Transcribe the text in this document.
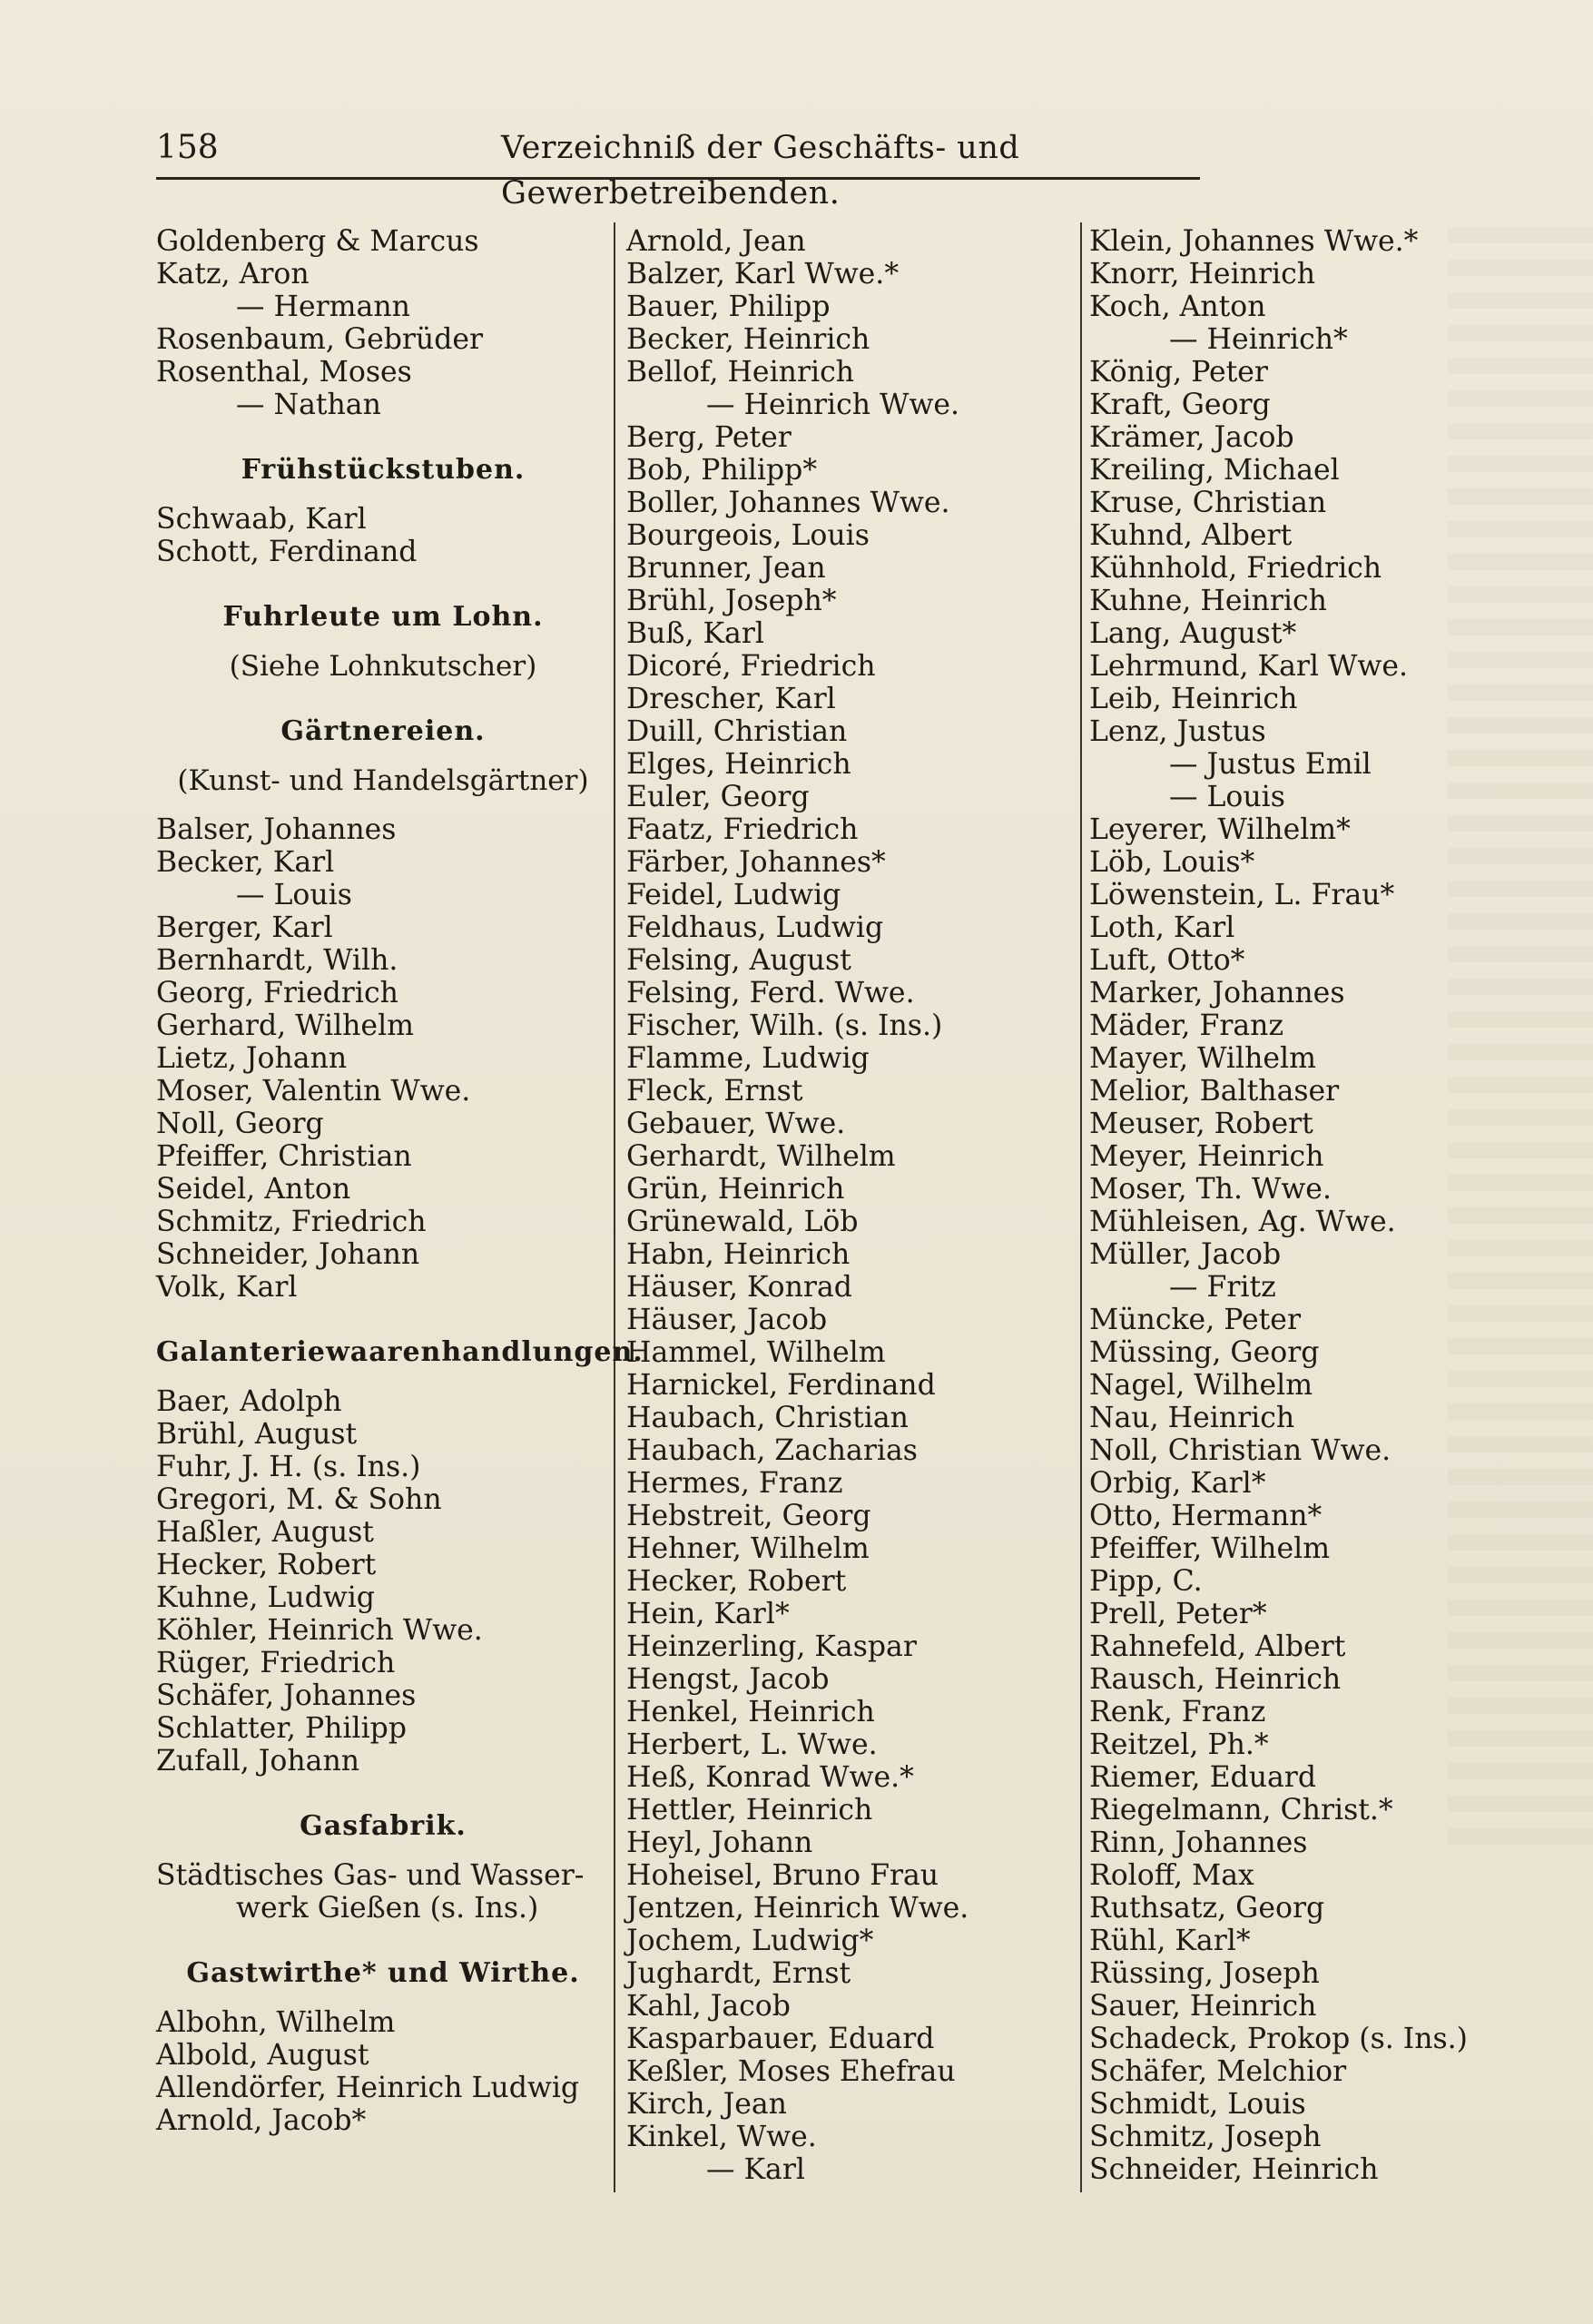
158	Verzeichniß der Geschäfts- und Gewerbetreibenden.
Goldenberg & Marcus
Katz, Aron
— Hermann
Rosenbaum, Gebrüder
Rosenthal, Moses
— Nathan
Frühstückstuben.
Schwaab, Karl
Schott, Ferdinand
Fuhrleute um Lohn.
(Siehe Lohnkutscher)
Gärtnereien.
(Kunst- und Handelsgärtner)
Balser, Johannes
Becker, Karl
— Louis
Berger, Karl
Bernhardt, Wilh.
Georg, Friedrich
Gerhard, Wilhelm
Lietz, Johann
Moser, Valentin Wwe.
Noll, Georg
Pfeiffer, Christian
Seidel, Anton
Schmitz, Friedrich
Schneider, Johann
Volk, Karl
Galanteriewaarenhandlungen.
Baer, Adolph
Brühl, August
Fuhr, J. H. (s. Ins.)
Gregori, M. & Sohn
Haßler, August
Hecker, Robert
Kuhne, Ludwig
Köhler, Heinrich Wwe.
Rüger, Friedrich
Schäfer, Johannes
Schlatter, Philipp
Zufall, Johann
Gasfabrik.
Städtisches Gas- und Wasser-
werk Gießen (s. Ins.)
Gastwirthe* und Wirthe.
Albohn, Wilhelm
Albold, August
Allendörfer, Heinrich Ludwig
Arnold, Jacob*
Arnold, Jean
Balzer, Karl Wwe.*
Bauer, Philipp
Becker, Heinrich
Bellof, Heinrich
— Heinrich Wwe.
Berg, Peter
Bob, Philipp*
Boller, Johannes Wwe.
Bourgeois, Louis
Brunner, Jean
Brühl, Joseph*
Buß, Karl
Dicoré, Friedrich
Drescher, Karl
Duill, Christian
Elges, Heinrich
Euler, Georg
Faatz, Friedrich
Färber, Johannes*
Feidel, Ludwig
Feldhaus, Ludwig
Felsing, August
Felsing, Ferd. Wwe.
Fischer, Wilh. (s. Ins.)
Flamme, Ludwig
Fleck, Ernst
Gebauer, Wwe.
Gerhardt, Wilhelm
Grün, Heinrich
Grünewald, Löb
Habn, Heinrich
Häuser, Konrad
Häuser, Jacob
Hammel, Wilhelm
Harnickel, Ferdinand
Haubach, Christian
Haubach, Zacharias
Hermes, Franz
Hebstreit, Georg
Hehner, Wilhelm
Hecker, Robert
Hein, Karl*
Heinzerling, Kaspar
Hengst, Jacob
Henkel, Heinrich
Herbert, L. Wwe.
Heß, Konrad Wwe.*
Hettler, Heinrich
Heyl, Johann
Hoheisel, Bruno Frau
Jentzen, Heinrich Wwe.
Jochem, Ludwig*
Jughardt, Ernst
Kahl, Jacob
Kasparbauer, Eduard
Keßler, Moses Ehefrau
Kirch, Jean
Kinkel, Wwe.
— Karl
Klein, Johannes Wwe.*
Knorr, Heinrich
Koch, Anton
— Heinrich*
König, Peter
Kraft, Georg
Krämer, Jacob
Kreiling, Michael
Kruse, Christian
Kuhnd, Albert
Kühnhold, Friedrich
Kuhne, Heinrich
Lang, August*
Lehrmund, Karl Wwe.
Leib, Heinrich
Lenz, Justus
— Justus Emil
— Louis
Leyerer, Wilhelm*
Löb, Louis*
Löwenstein, L. Frau*
Loth, Karl
Luft, Otto*
Marker, Johannes
Mäder, Franz
Mayer, Wilhelm
Melior, Balthaser
Meuser, Robert
Meyer, Heinrich
Moser, Th. Wwe.
Mühleisen, Ag. Wwe.
Müller, Jacob
— Fritz
Müncke, Peter
Müssing, Georg
Nagel, Wilhelm
Nau, Heinrich
Noll, Christian Wwe.
Orbig, Karl*
Otto, Hermann*
Pfeiffer, Wilhelm
Pipp, C.
Prell, Peter*
Rahnefeld, Albert
Rausch, Heinrich
Renk, Franz
Reitzel, Ph.*
Riemer, Eduard
Riegelmann, Christ.*
Rinn, Johannes
Roloff, Max
Ruthsatz, Georg
Rühl, Karl*
Rüssing, Joseph
Sauer, Heinrich
Schadeck, Prokop (s. Ins.)
Schäfer, Melchior
Schmidt, Louis
Schmitz, Joseph
Schneider, Heinrich
